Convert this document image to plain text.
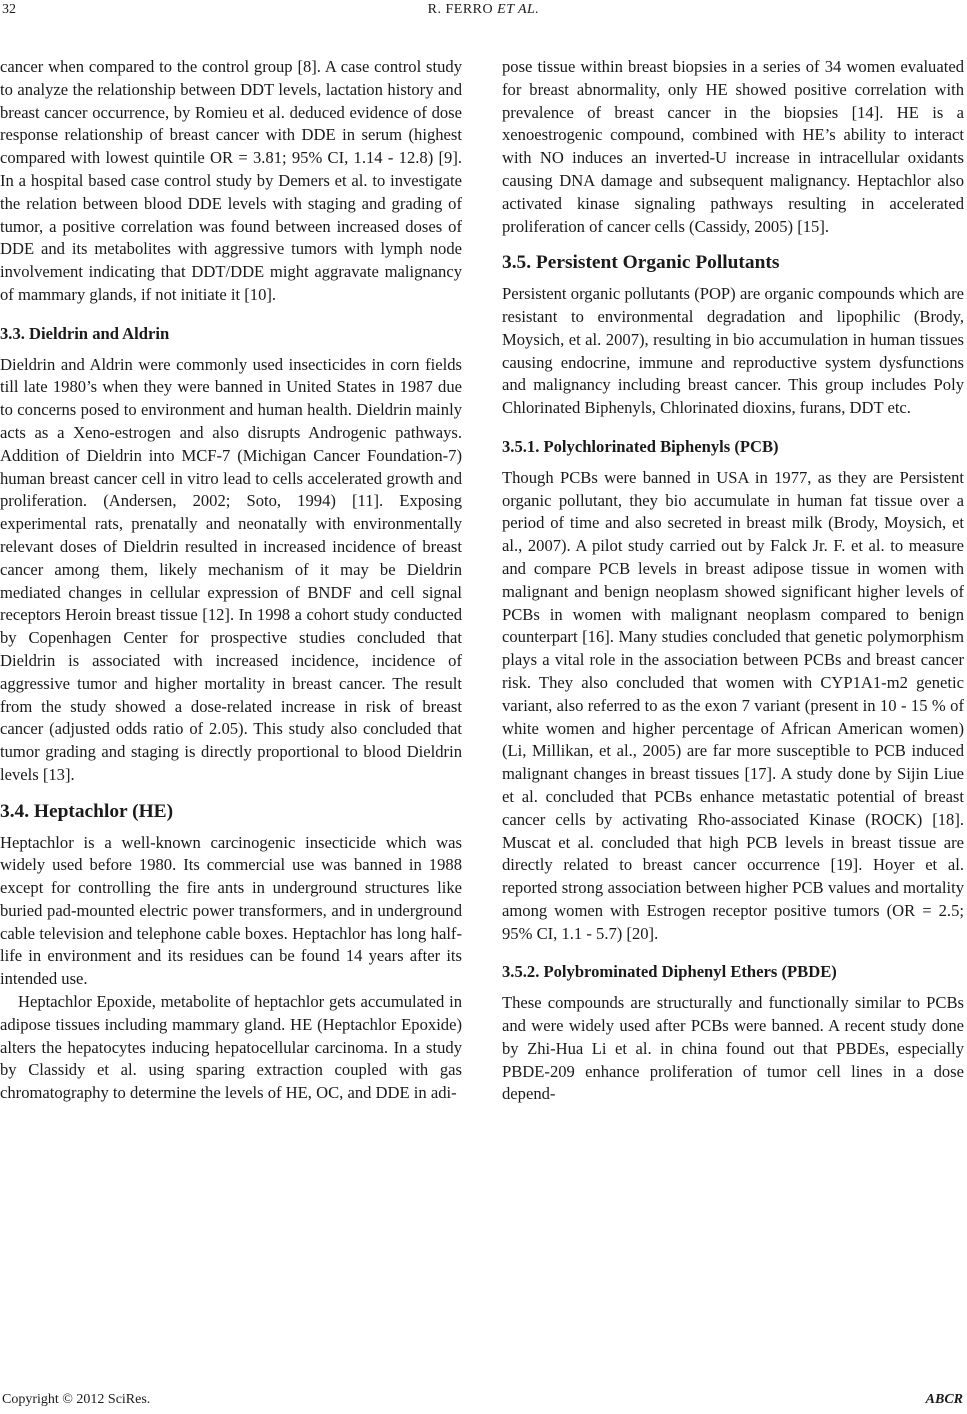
32	R. FERRO ET AL.

cancer when compared to the control group [8]. A case control study to analyze the relationship between DDT levels, lactation history and breast cancer occurrence, by Romieu et al. deduced evidence of dose response relationship of breast cancer with DDE in serum (highest compared with lowest quintile OR = 3.81; 95% CI, 1.14 - 12.8) [9]. In a hospital based case control study by Demers et al. to investigate the relation between blood DDE levels with staging and grading of tumor, a positive correlation was found between increased doses of DDE and its metabolites with aggressive tumors with lymph node involvement indicating that DDT/DDE might aggravate malignancy of mammary glands, if not initiate it [10].

3.3. Dieldrin and Aldrin

Dieldrin and Aldrin were commonly used insecticides in corn fields till late 1980’s when they were banned in United States in 1987 due to concerns posed to environment and human health. Dieldrin mainly acts as a Xeno-estrogen and also disrupts Androgenic pathways. Addition of Dieldrin into MCF-7 (Michigan Cancer Foundation-7) human breast cancer cell in vitro lead to cells accelerated growth and proliferation. (Andersen, 2002; Soto, 1994) [11]. Exposing experimental rats, prenatally and neonatally with environmentally relevant doses of Dieldrin resulted in increased incidence of breast cancer among them, likely mechanism of it may be Dieldrin mediated changes in cellular expression of BNDF and cell signal receptors Heroin breast tissue [12]. In 1998 a cohort study conducted by Copenhagen Center for prospective studies concluded that Dieldrin is associated with increased incidence, incidence of aggressive tumor and higher mortality in breast cancer. The result from the study showed a dose-related increase in risk of breast cancer (adjusted odds ratio of 2.05). This study also concluded that tumor grading and staging is directly proportional to blood Dieldrin levels [13].

3.4. Heptachlor (HE)

Heptachlor is a well-known carcinogenic insecticide which was widely used before 1980. Its commercial use was banned in 1988 except for controlling the fire ants in underground structures like buried pad-mounted electric power transformers, and in underground cable television and telephone cable boxes. Heptachlor has long half-life in environment and its residues can be found 14 years after its intended use.

Heptachlor Epoxide, metabolite of heptachlor gets accumulated in adipose tissues including mammary gland. HE (Heptachlor Epoxide) alters the hepatocytes inducing hepatocellular carcinoma. In a study by Classidy et al. using sparing extraction coupled with gas chromatography to determine the levels of HE, OC, and DDE in adi-

pose tissue within breast biopsies in a series of 34 women evaluated for breast abnormality, only HE showed positive correlation with prevalence of breast cancer in the biopsies [14]. HE is a xenoestrogenic compound, combined with HE’s ability to interact with NO induces an inverted-U increase in intracellular oxidants causing DNA damage and subsequent malignancy. Heptachlor also activated kinase signaling pathways resulting in accelerated proliferation of cancer cells (Cassidy, 2005) [15].

3.5. Persistent Organic Pollutants

Persistent organic pollutants (POP) are organic compounds which are resistant to environmental degradation and lipophilic (Brody, Moysich, et al. 2007), resulting in bio accumulation in human tissues causing endocrine, immune and reproductive system dysfunctions and malignancy including breast cancer. This group includes Poly Chlorinated Biphenyls, Chlorinated dioxins, furans, DDT etc.

3.5.1. Polychlorinated Biphenyls (PCB)

Though PCBs were banned in USA in 1977, as they are Persistent organic pollutant, they bio accumulate in human fat tissue over a period of time and also secreted in breast milk (Brody, Moysich, et al., 2007). A pilot study carried out by Falck Jr. F. et al. to measure and compare PCB levels in breast adipose tissue in women with malignant and benign neoplasm showed significant higher levels of PCBs in women with malignant neoplasm compared to benign counterpart [16]. Many studies concluded that genetic polymorphism plays a vital role in the association between PCBs and breast cancer risk. They also concluded that women with CYP1A1-m2 genetic variant, also referred to as the exon 7 variant (present in 10 - 15 % of white women and higher percentage of African American women) (Li, Millikan, et al., 2005) are far more susceptible to PCB induced malignant changes in breast tissues [17]. A study done by Sijin Liue et al. concluded that PCBs enhance metastatic potential of breast cancer cells by activating Rho-associated Kinase (ROCK) [18]. Muscat et al. concluded that high PCB levels in breast tissue are directly related to breast cancer occurrence [19]. Hoyer et al. reported strong association between higher PCB values and mortality among women with Estrogen receptor positive tumors (OR = 2.5; 95% CI, 1.1 - 5.7) [20].

3.5.2. Polybrominated Diphenyl Ethers (PBDE)

These compounds are structurally and functionally similar to PCBs and were widely used after PCBs were banned. A recent study done by Zhi-Hua Li et al. in china found out that PBDEs, especially PBDE-209 enhance proliferation of tumor cell lines in a dose depend-

Copyright © 2012 SciRes.	ABCR
